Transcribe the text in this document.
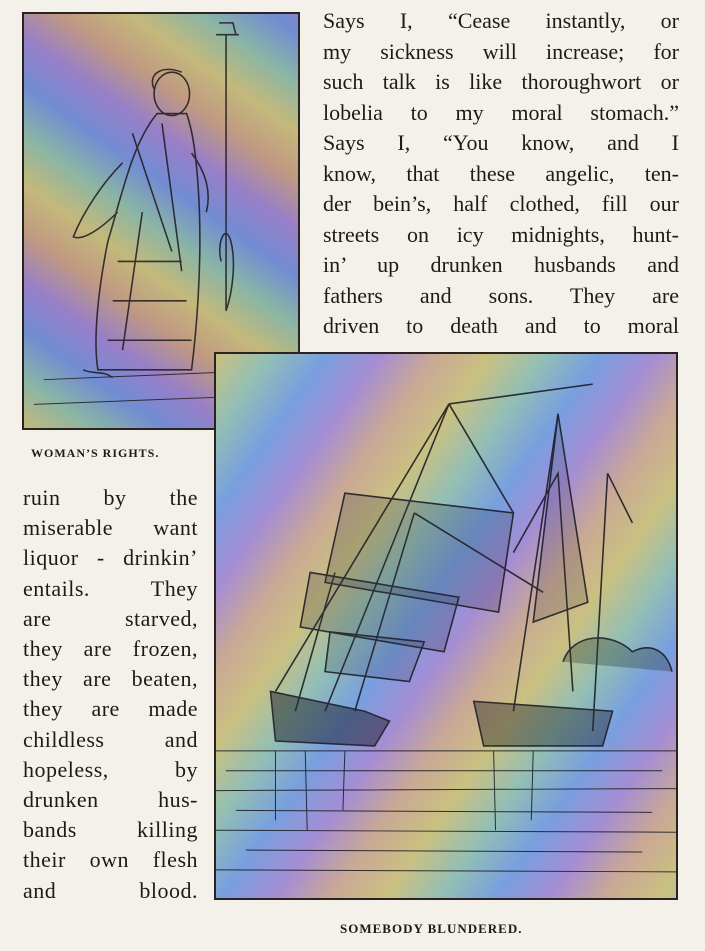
Says I, “Cease instantly, or
my sickness will increase; for
such talk is like thoroughwort or
lobelia to my moral stomach.”
Says I, “You know, and I
know, that these angelic, ten-
der bein’s, half clothed, fill our
streets on icy midnights, hunt-
in’ up drunken husbands and
fathers and sons. They are
driven to death and to moral

WOMAN’S RIGHTS.

ruin by the
miserable want
liquor - drinkin’
entails. They
are starved,
they are frozen,
they are beaten,
they are made
childless and
hopeless, by
drunken hus-
bands killing
their own flesh
and blood.

SOMEBODY BLUNDERED.
